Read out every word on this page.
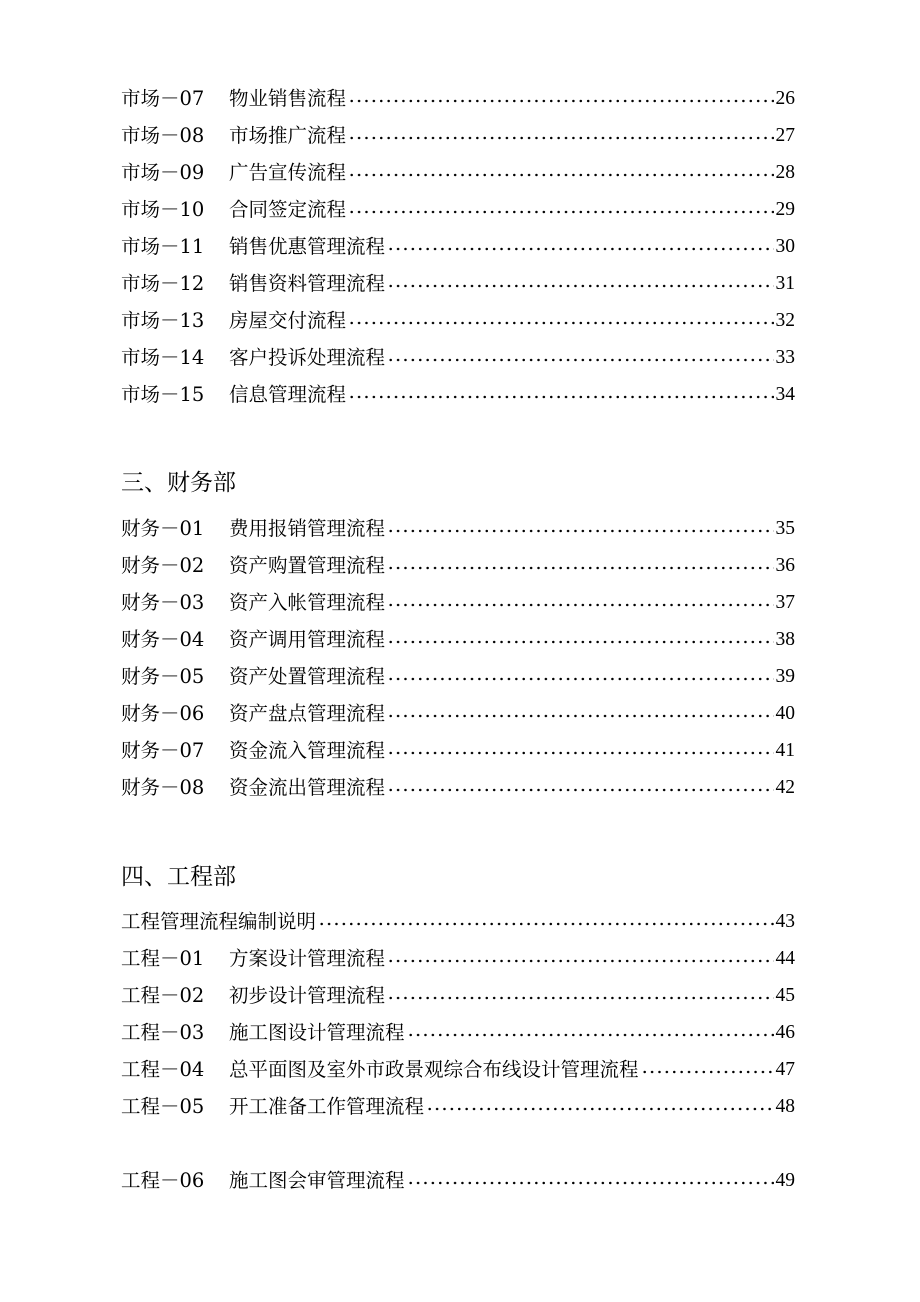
市场－07	物业销售流程	26
市场－08	市场推广流程	27
市场－09	广告宣传流程	28
市场－10	合同签定流程	29
市场－11	销售优惠管理流程	30
市场－12	销售资料管理流程	31
市场－13	房屋交付流程	32
市场－14	客户投诉处理流程	33
市场－15	信息管理流程	34
三、财务部
财务－01	费用报销管理流程	35
财务－02	资产购置管理流程	36
财务－03	资产入帐管理流程	37
财务－04	资产调用管理流程	38
财务－05	资产处置管理流程	39
财务－06	资产盘点管理流程	40
财务－07	资金流入管理流程	41
财务－08	资金流出管理流程	42
四、工程部
工程管理流程编制说明	43
工程－01	方案设计管理流程	44
工程－02	初步设计管理流程	45
工程－03	施工图设计管理流程	46
工程－04	总平面图及室外市政景观综合布线设计管理流程	47
工程－05	开工准备工作管理流程	48
工程－06	施工图会审管理流程	49
